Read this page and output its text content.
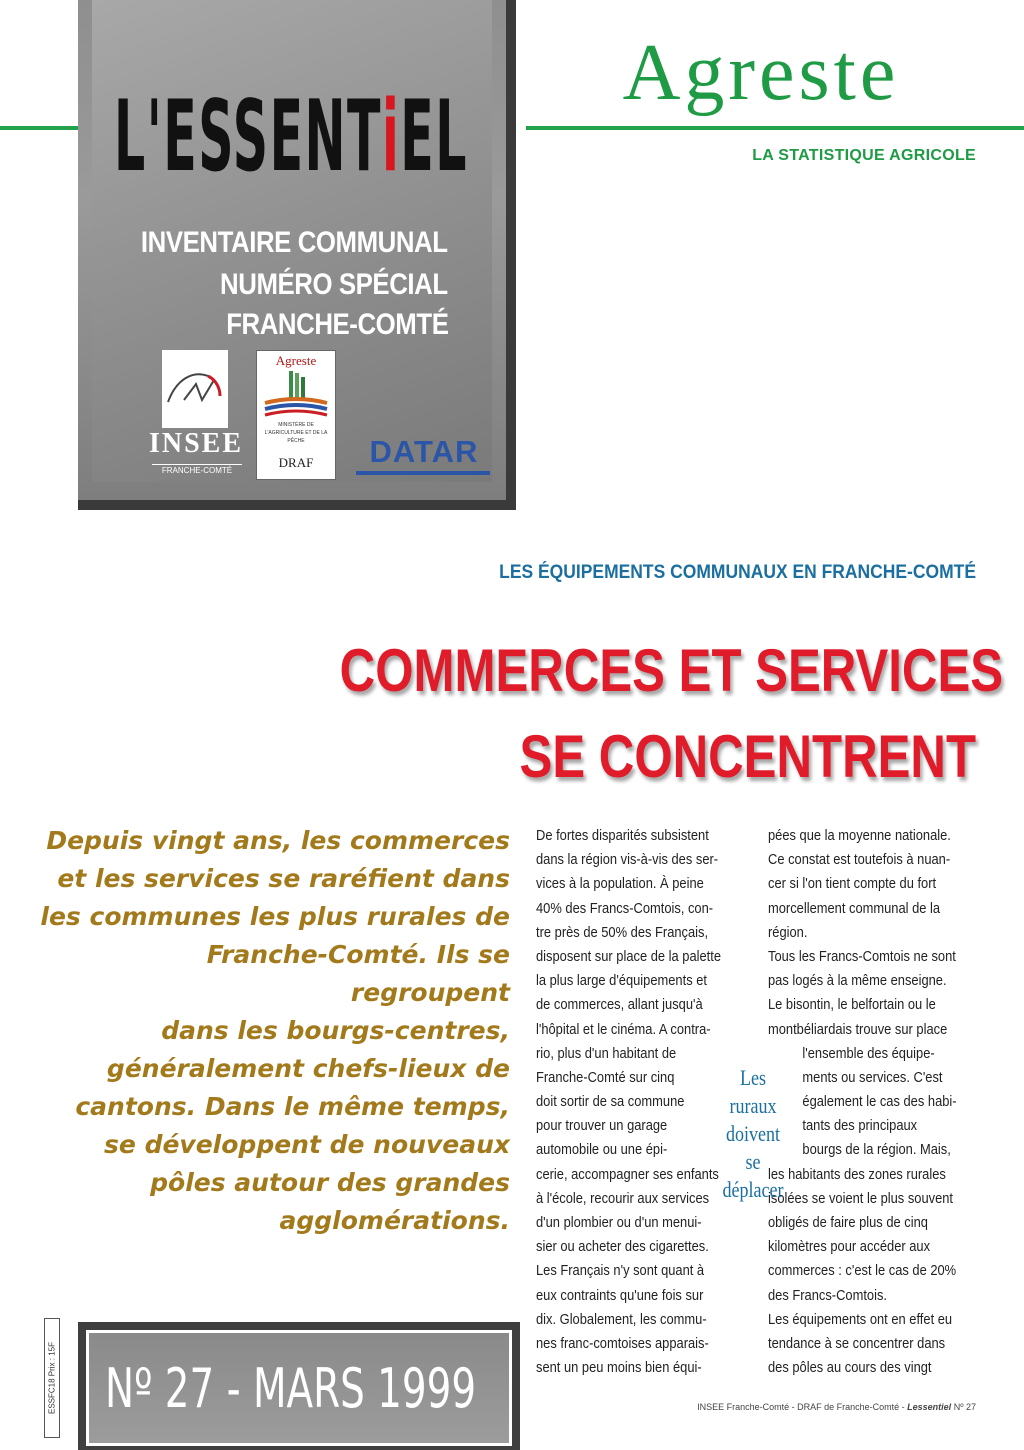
L'ESSENTiEL
INVENTAIRE COMMUNAL
NUMÉRO SPÉCIAL
FRANCHE-COMTÉ
INSEE
FRANCHE-COMTÉ
Agreste
MINISTÈRE DE L'AGRICULTURE ET DE LA PÊCHE
DRAF	DATAR
Agreste
LA STATISTIQUE AGRICOLE
LES ÉQUIPEMENTS COMMUNAUX EN FRANCHE-COMTÉ
COMMERCES ET SERVICES
SE CONCENTRENT
Depuis vingt ans, les commerces
et les services se raréfient dans
les communes les plus rurales de
Franche-Comté. Ils se regroupent
dans les bourgs-centres,
généralement chefs-lieux de
cantons. Dans le même temps,
se développent de nouveaux
pôles autour des grandes
agglomérations.
De fortes disparités subsistent
dans la région vis-à-vis des ser-
vices à la population. À peine
40% des Francs-Comtois, con-
tre près de 50% des Français,
disposent sur place de la palette
la plus large d'équipements et
de commerces, allant jusqu'à
l'hôpital et le cinéma. A contra-
rio, plus d'un habitant de
Franche-Comté sur cinq
doit sortir de sa commune
pour trouver un garage
automobile ou une épi-
cerie, accompagner ses enfants
à l'école, recourir aux services
d'un plombier ou d'un menui-
sier ou acheter des cigarettes.
Les Français n'y sont quant à
eux contraints qu'une fois sur
dix. Globalement, les commu-
nes franc-comtoises apparais-
sent un peu moins bien équi-
pées que la moyenne nationale.
Ce constat est toutefois à nuan-
cer si l'on tient compte du fort
morcellement communal de la
région.
Tous les Francs-Comtois ne sont
pas logés à la même enseigne.
Le bisontin, le belfortain ou le
montbéliardais trouve sur place
l'ensemble des équipe-
ments ou services. C'est
également le cas des habi-
tants des principaux
bourgs de la région. Mais,
les habitants des zones rurales
isolées se voient le plus souvent
obligés de faire plus de cinq
kilomètres pour accéder aux
commerces : c'est le cas de 20%
des Francs-Comtois.
Les équipements ont en effet eu
tendance à se concentrer dans
des pôles au cours des vingt
Les ruraux
doivent
se déplacer
ESSFC18 Prix : 15F Nº 27 - MARS 1999	INSEE Franche-Comté - DRAF de Franche-Comté - Lessentiel Nº 27
